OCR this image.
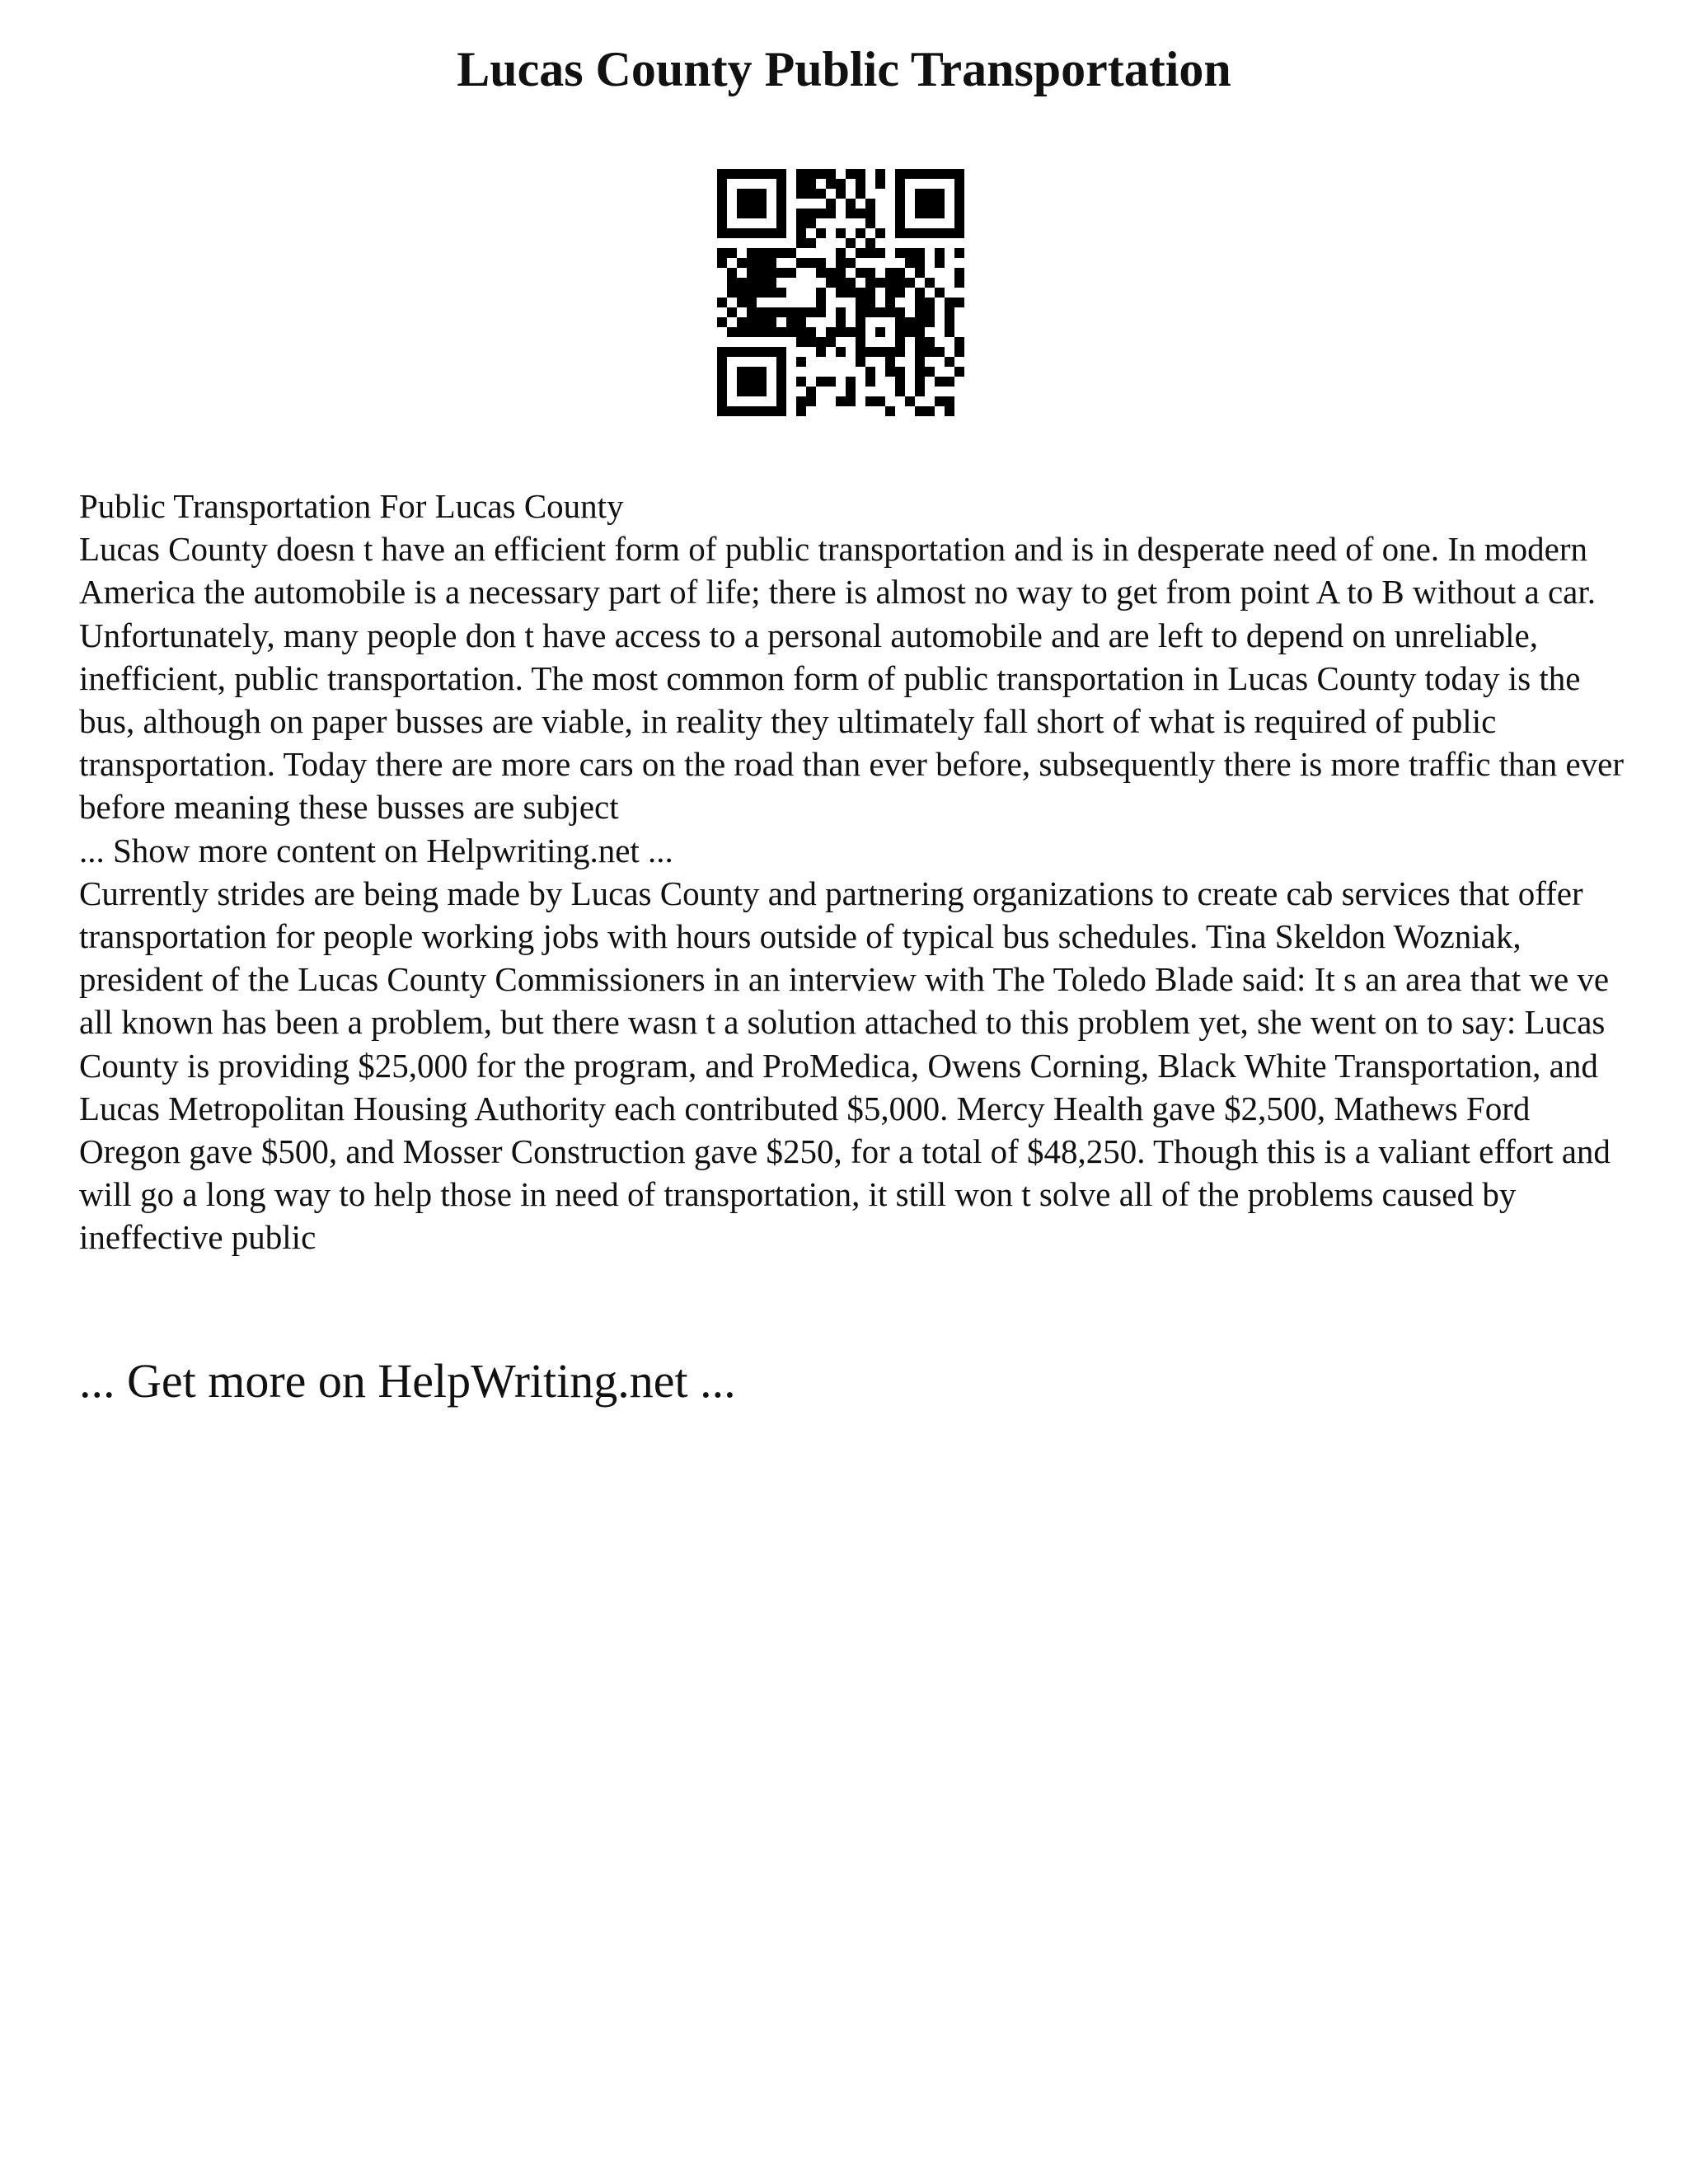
Lucas County Public Transportation

Public Transportation For Lucas County

Lucas County doesn t have an efficient form of public transportation and is in desperate need of one. In modern America the automobile is a necessary part of life; there is almost no way to get from point A to B without a car. Unfortunately, many people don t have access to a personal automobile and are left to depend on unreliable, inefficient, public transportation. The most common form of public transportation in Lucas County today is the bus, although on paper busses are viable, in reality they ultimately fall short of what is required of public transportation. Today there are more cars on the road than ever before, subsequently there is more traffic than ever before meaning these busses are subject

... Show more content on Helpwriting.net ...

Currently strides are being made by Lucas County and partnering organizations to create cab services that offer transportation for people working jobs with hours outside of typical bus schedules. Tina Skeldon Wozniak, president of the Lucas County Commissioners in an interview with The Toledo Blade said: It s an area that we ve all known has been a problem, but there wasn t a solution attached to this problem yet, she went on to say: Lucas County is providing $25,000 for the program, and ProMedica, Owens Corning, Black White Transportation, and Lucas Metropolitan Housing Authority each contributed $5,000. Mercy Health gave $2,500, Mathews Ford Oregon gave $500, and Mosser Construction gave $250, for a total of $48,250. Though this is a valiant effort and will go a long way to help those in need of transportation, it still won t solve all of the problems caused by ineffective public

... Get more on HelpWriting.net ...
